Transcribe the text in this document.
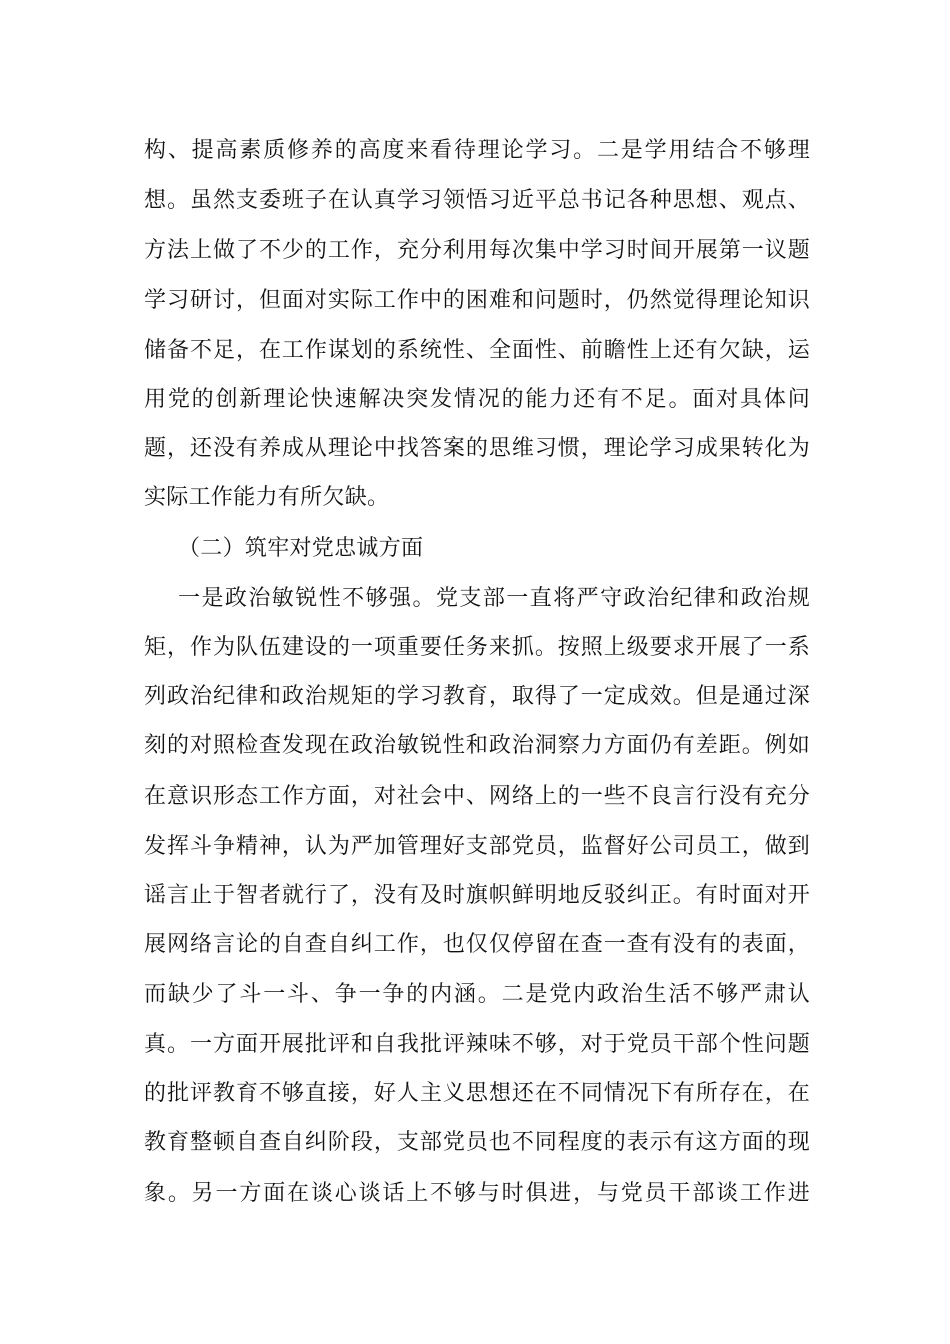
构、提高素质修养的高度来看待理论学习。二是学用结合不够理
想。虽然支委班子在认真学习领悟习近平总书记各种思想、观点、
方法上做了不少的工作，充分利用每次集中学习时间开展第一议题
学习研讨，但面对实际工作中的困难和问题时，仍然觉得理论知识
储备不足，在工作谋划的系统性、全面性、前瞻性上还有欠缺，运
用党的创新理论快速解决突发情况的能力还有不足。面对具体问
题，还没有养成从理论中找答案的思维习惯，理论学习成果转化为
实际工作能力有所欠缺。
（二）筑牢对党忠诚方面
一是政治敏锐性不够强。党支部一直将严守政治纪律和政治规
矩，作为队伍建设的一项重要任务来抓。按照上级要求开展了一系
列政治纪律和政治规矩的学习教育，取得了一定成效。但是通过深
刻的对照检查发现在政治敏锐性和政治洞察力方面仍有差距。例如
在意识形态工作方面，对社会中、网络上的一些不良言行没有充分
发挥斗争精神，认为严加管理好支部党员，监督好公司员工，做到
谣言止于智者就行了，没有及时旗帜鲜明地反驳纠正。有时面对开
展网络言论的自查自纠工作，也仅仅停留在查一查有没有的表面，
而缺少了斗一斗、争一争的内涵。二是党内政治生活不够严肃认
真。一方面开展批评和自我批评辣味不够，对于党员干部个性问题
的批评教育不够直接，好人主义思想还在不同情况下有所存在，在
教育整顿自查自纠阶段，支部党员也不同程度的表示有这方面的现
象。另一方面在谈心谈话上不够与时俱进，与党员干部谈工作进
